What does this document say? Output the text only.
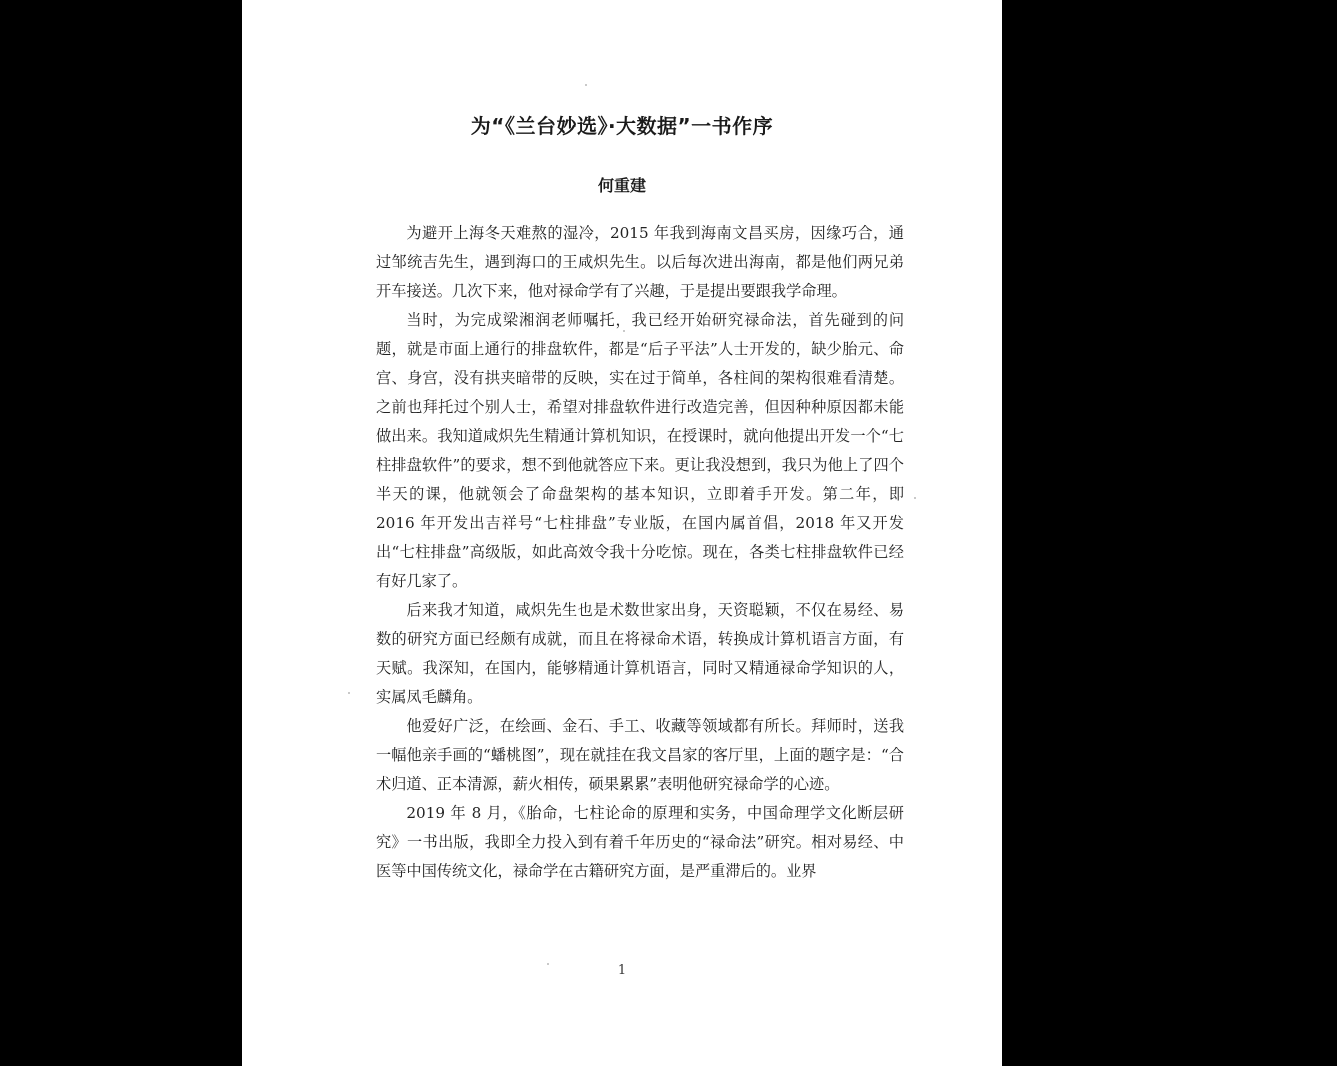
为“《兰台妙选》·大数据”一书作序
何重建

为避开上海冬天难熬的湿冷，2015 年我到海南文昌买房，因缘巧合，通过邹统吉先生，遇到海口的王咸炽先生。以后每次进出海南，都是他们两兄弟开车接送。几次下来，他对禄命学有了兴趣，于是提出要跟我学命理。

当时，为完成梁湘润老师嘱托，我已经开始研究禄命法，首先碰到的问题，就是市面上通行的排盘软件，都是“后子平法”人士开发的，缺少胎元、命宫、身宫，没有拱夹暗带的反映，实在过于简单，各柱间的架构很难看清楚。之前也拜托过个别人士，希望对排盘软件进行改造完善，但因种种原因都未能做出来。我知道咸炽先生精通计算机知识，在授课时，就向他提出开发一个“七柱排盘软件”的要求，想不到他就答应下来。更让我没想到，我只为他上了四个半天的课，他就领会了命盘架构的基本知识，立即着手开发。第二年，即 2016 年开发出吉祥号“七柱排盘”专业版，在国内属首倡，2018 年又开发出“七柱排盘”高级版，如此高效令我十分吃惊。现在，各类七柱排盘软件已经有好几家了。

后来我才知道，咸炽先生也是术数世家出身，天资聪颖，不仅在易经、易数的研究方面已经颇有成就，而且在将禄命术语，转换成计算机语言方面，有天赋。我深知，在国内，能够精通计算机语言，同时又精通禄命学知识的人，实属凤毛麟角。

他爱好广泛，在绘画、金石、手工、收藏等领域都有所长。拜师时，送我一幅他亲手画的“蟠桃图”，现在就挂在我文昌家的客厅里，上面的题字是：“合术归道、正本清源，薪火相传，硕果累累”表明他研究禄命学的心迹。

2019 年 8 月，《胎命，七柱论命的原理和实务，中国命理学文化断层研究》一书出版，我即全力投入到有着千年历史的“禄命法”研究。相对易经、中医等中国传统文化，禄命学在古籍研究方面，是严重滞后的。业界

1
